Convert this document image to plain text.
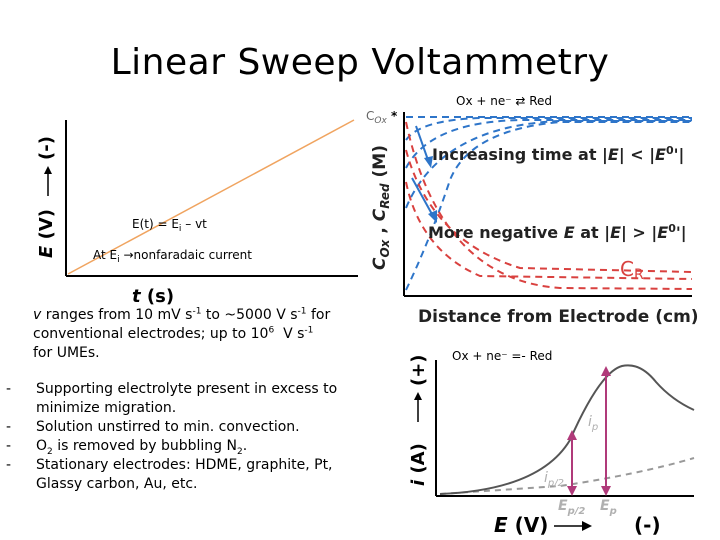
Linear Sweep Voltammetry
Ox + ne⁻ ⇄ Red
E (V)
(-)
t (s)
$E(t) = E_i$ – vt
At $E_i$ →nonfaradaic current
$C_{Ox}$ *
Increasing time at $|E| < |E^0'|$
More negative E at $|E| > |E^0'|$
CR
$C_{Ox}$ , $C_{Red}$ (M)
Distance from Electrode (cm)
v ranges from 10 mV $s^{-1}$ to ~5000 V $s^{-1}$ for
conventional electrodes; up to $10^6$  V $s^{-1}$
for UMEs.
- Supporting electrolyte present in excess to minimize migration.
- Solution unstirred to min. convection.
- $O_2$ is removed by bubbling $N_2$.
- Stationary electrodes: HDME, graphite, Pt, Glassy carbon, Au, etc.
Ox + ne⁻ =- Red
$i_p$
$i_{p/2}$
$E_{p/2}$ $E_p$
i (A)
(+)
E (V)	(-)
